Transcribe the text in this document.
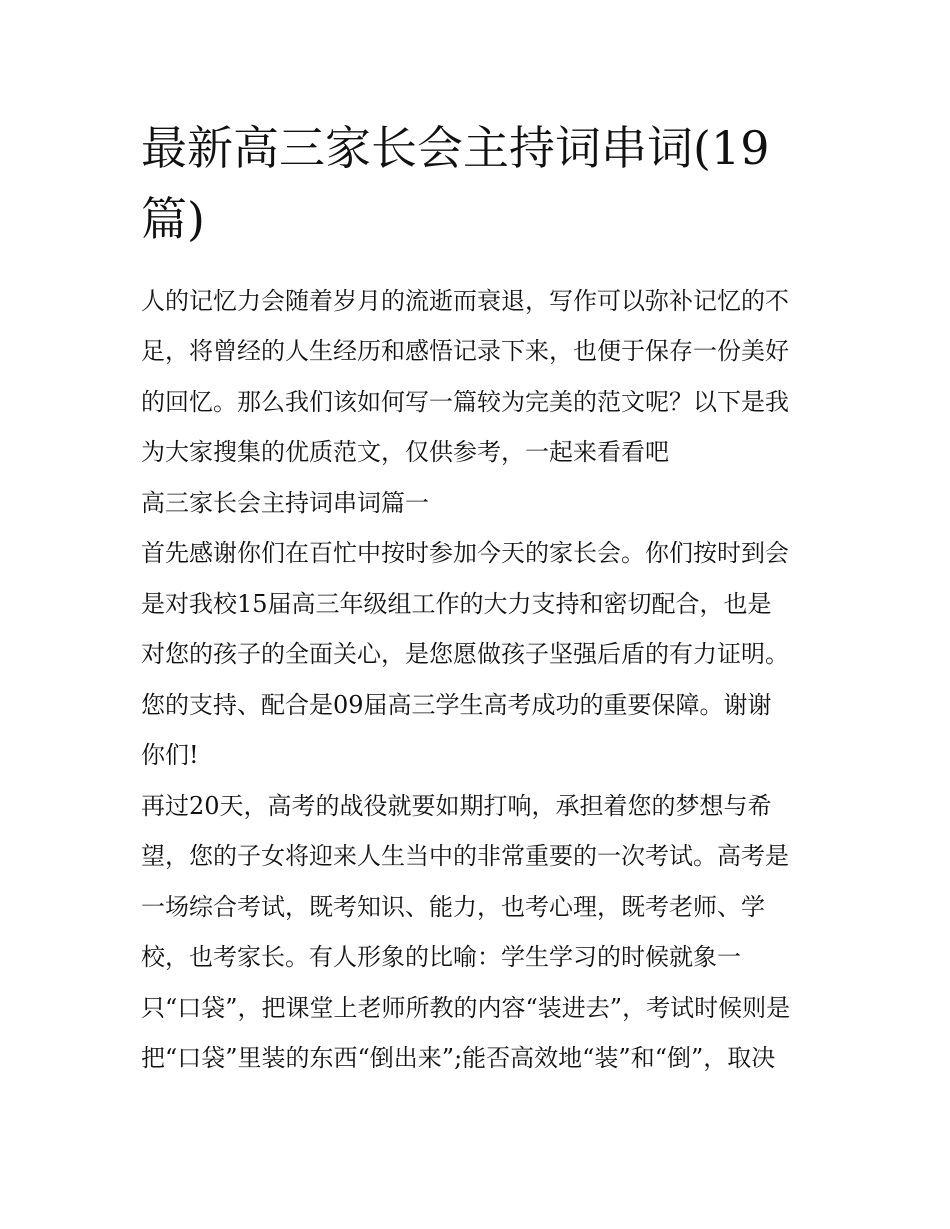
最新高三家长会主持词串词(19篇)

人的记忆力会随着岁月的流逝而衰退，写作可以弥补记忆的不

足，将曾经的人生经历和感悟记录下来，也便于保存一份美好

的回忆。那么我们该如何写一篇较为完美的范文呢？以下是我

为大家搜集的优质范文，仅供参考，一起来看看吧

高三家长会主持词串词篇一

首先感谢你们在百忙中按时参加今天的家长会。你们按时到会

是对我校15届高三年级组工作的大力支持和密切配合，也是

对您的孩子的全面关心，是您愿做孩子坚强后盾的有力证明。

您的支持、配合是09届高三学生高考成功的重要保障。谢谢

你们!

再过20天，高考的战役就要如期打响，承担着您的梦想与希

望，您的子女将迎来人生当中的非常重要的一次考试。高考是

一场综合考试，既考知识、能力，也考心理，既考老师、学

校，也考家长。有人形象的比喻：学生学习的时候就象一

只“口袋”，把课堂上老师所教的内容“装进去”，考试时候则是

把“口袋”里装的东西“倒出来”;能否高效地“装”和“倒”，取决
